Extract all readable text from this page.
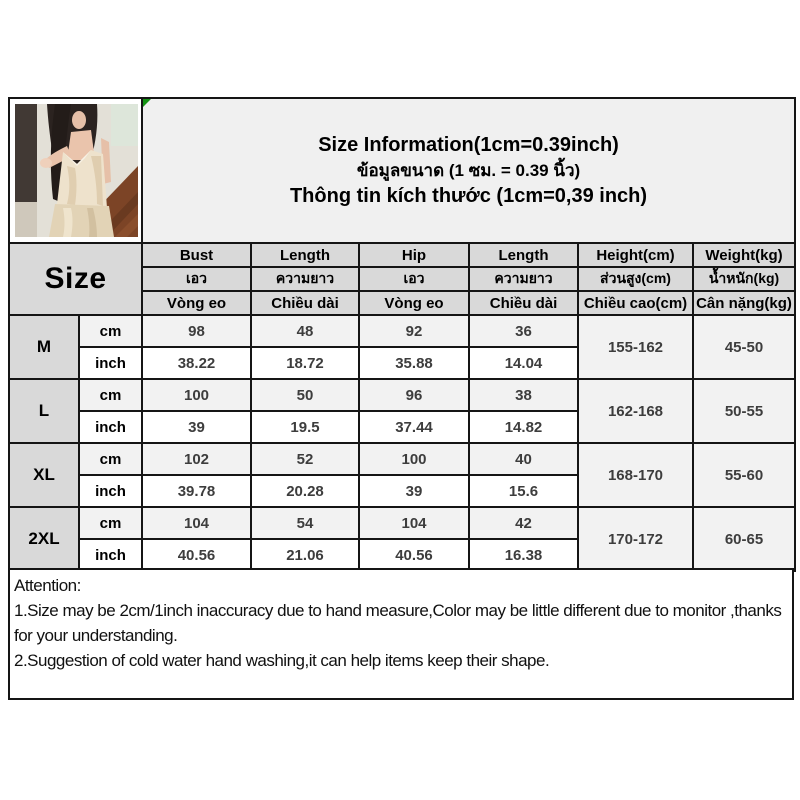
Size Information(1cm=0.39inch)
ข้อมูลขนาด (1 ซม. = 0.39 นิ้ว)
Thông tin kích thước (1cm=0,39 inch)					

Size		Bust	Length	Hip	Length	Height(cm)	Weight(kg)
		เอว	ความยาว	เอว	ความยาว	ส่วนสูง(cm)	น้ำหนัก(kg)
		Vòng eo	Chiều dài	Vòng eo	Chiều dài	Chiều cao(cm)	Cân nặng(kg)
M	cm	98	48	92	36	155-162	45-50
	inch	38.22	18.72	35.88	14.04		
L	cm	100	50	96	38	162-168	50-55
	inch	39	19.5	37.44	14.82		
XL	cm	102	52	100	40	168-170	55-60
	inch	39.78	20.28	39	15.6		
2XL	cm	104	54	104	42	170-172	60-65
	inch	40.56	21.06	40.56	16.38		
Attention:
1.Size may be 2cm/1inch inaccuracy due to hand measure,Color may be little different due to monitor ,thanks for your understanding.
2.Suggestion of cold water hand washing,it can help items keep their shape.
